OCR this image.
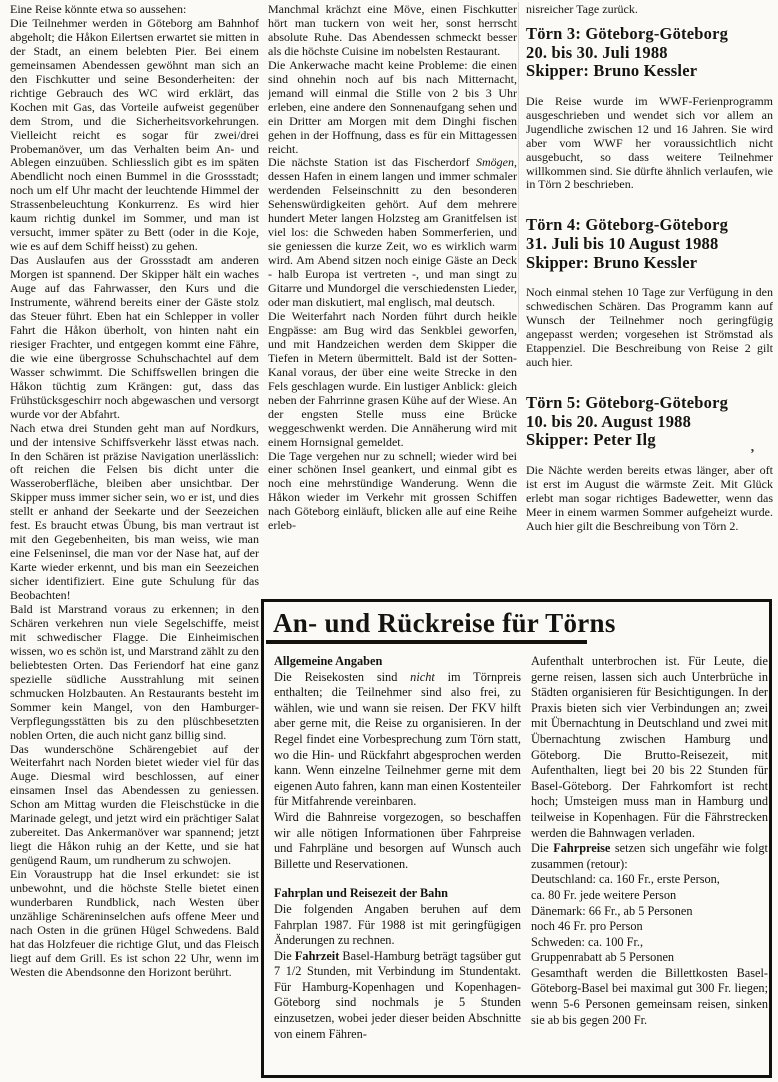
’

Eine Reise könnte etwa so aussehen:

Die Teilnehmer werden in Göteborg am Bahnhof abgeholt; die Håkon Eilertsen erwartet sie mitten in der Stadt, an einem belebten Pier. Bei einem gemeinsamen Abendessen gewöhnt man sich an den Fischkutter und seine Besonderheiten: der richtige Gebrauch des WC wird erklärt, das Kochen mit Gas, das Vorteile aufweist gegenüber dem Strom, und die Sicherheitsvorkehrungen. Vielleicht reicht es sogar für zwei/drei Probemanöver, um das Verhalten beim An- und Ablegen einzuüben. Schliesslich gibt es im späten Abendlicht noch einen Bummel in die Grossstadt; noch um elf Uhr macht der leuchtende Himmel der Strassenbeleuchtung Konkurrenz. Es wird hier kaum richtig dunkel im Sommer, und man ist versucht, immer später zu Bett (oder in die Koje, wie es auf dem Schiff heisst) zu gehen.

Das Auslaufen aus der Grossstadt am anderen Morgen ist spannend. Der Skipper hält ein waches Auge auf das Fahrwasser, den Kurs und die Instrumente, während bereits einer der Gäste stolz das Steuer führt. Eben hat ein Schlepper in voller Fahrt die Håkon überholt, von hinten naht ein riesiger Frachter, und entgegen kommt eine Fähre, die wie eine übergrosse Schuhschachtel auf dem Wasser schwimmt. Die Schiffswellen bringen die Håkon tüchtig zum Krängen: gut, dass das Frühstücksgeschirr noch abgewaschen und versorgt wurde vor der Abfahrt.

Nach etwa drei Stunden geht man auf Nordkurs, und der intensive Schiffsverkehr lässt etwas nach. In den Schären ist präzise Navigation unerlässlich: oft reichen die Felsen bis dicht unter die Wasseroberfläche, bleiben aber unsichtbar. Der Skipper muss immer sicher sein, wo er ist, und dies stellt er anhand der Seekarte und der Seezeichen fest. Es braucht etwas Übung, bis man vertraut ist mit den Gegebenheiten, bis man weiss, wie man eine Felseninsel, die man vor der Nase hat, auf der Karte wieder erkennt, und bis man ein Seezeichen sicher identifiziert. Eine gute Schulung für das Beobachten!

Bald ist Marstrand voraus zu erkennen; in den Schären verkehren nun viele Segelschiffe, meist mit schwedischer Flagge. Die Einheimischen wissen, wo es schön ist, und Marstrand zählt zu den beliebtesten Orten. Das Feriendorf hat eine ganz spezielle südliche Ausstrahlung mit seinen schmucken Holzbauten. An Restaurants besteht im Sommer kein Mangel, von den Hamburger-Verpflegungsstätten bis zu den plüschbesetzten noblen Orten, die auch nicht ganz billig sind.

Das wunderschöne Schärengebiet auf der Weiterfahrt nach Norden bietet wieder viel für das Auge. Diesmal wird beschlossen, auf einer einsamen Insel das Abendessen zu geniessen. Schon am Mittag wurden die Fleischstücke in die Marinade gelegt, und jetzt wird ein prächtiger Salat zubereitet. Das Ankermanöver war spannend; jetzt liegt die Håkon ruhig an der Kette, und sie hat genügend Raum, um rundherum zu schwojen.

Ein Voraustrupp hat die Insel erkundet: sie ist unbewohnt, und die höchste Stelle bietet einen wunderbaren Rundblick, nach Westen über unzählige Schäreninselchen aufs offene Meer und nach Osten in die grünen Hügel Schwedens. Bald hat das Holzfeuer die richtige Glut, und das Fleisch liegt auf dem Grill. Es ist schon 22 Uhr, wenn im Westen die Abendsonne den Horizont berührt.

Manchmal krächzt eine Möve, einen Fischkutter hört man tuckern von weit her, sonst herrscht absolute Ruhe. Das Abendessen schmeckt besser als die höchste Cuisine im nobelsten Restaurant.

Die Ankerwache macht keine Probleme: die einen sind ohnehin noch auf bis nach Mitternacht, jemand will einmal die Stille von 2 bis 3 Uhr erleben, eine andere den Sonnenaufgang sehen und ein Dritter am Morgen mit dem Dinghi fischen gehen in der Hoffnung, dass es für ein Mittagessen reicht.

Die nächste Station ist das Fischerdorf Smögen, dessen Hafen in einem langen und immer schmaler werdenden Felseinschnitt zu den besonderen Sehenswürdigkeiten gehört. Auf dem mehrere hundert Meter langen Holzsteg am Granitfelsen ist viel los: die Schweden haben Sommerferien, und sie geniessen die kurze Zeit, wo es wirklich warm wird. Am Abend sitzen noch einige Gäste an Deck - halb Europa ist vertreten -, und man singt zu Gitarre und Mundorgel die verschiedensten Lieder, oder man diskutiert, mal englisch, mal deutsch.

Die Weiterfahrt nach Norden führt durch heikle Engpässe: am Bug wird das Senkblei geworfen, und mit Handzeichen werden dem Skipper die Tiefen in Metern übermittelt. Bald ist der Sotten-Kanal voraus, der über eine weite Strecke in den Fels geschlagen wurde. Ein lustiger Anblick: gleich neben der Fahrrinne grasen Kühe auf der Wiese. An der engsten Stelle muss eine Brücke weggeschwenkt werden. Die Annäherung wird mit einem Hornsignal gemeldet.

Die Tage vergehen nur zu schnell; wieder wird bei einer schönen Insel geankert, und einmal gibt es noch eine mehrstündige Wanderung. Wenn die Håkon wieder im Verkehr mit grossen Schiffen nach Göteborg einläuft, blicken alle auf eine Reihe erleb-

nisreicher Tage zurück.

Törn 3: Göteborg-Göteborg
20. bis 30. Juli 1988
Skipper: Bruno Kessler

Die Reise wurde im WWF-Ferienprogramm ausgeschrieben und wendet sich vor allem an Jugendliche zwischen 12 und 16 Jahren. Sie wird aber vom WWF her voraussichtlich nicht ausgebucht, so dass weitere Teilnehmer willkommen sind. Sie dürfte ähnlich verlaufen, wie in Törn 2 beschrieben.

Törn 4: Göteborg-Göteborg
31. Juli bis 10 August 1988
Skipper: Bruno Kessler

Noch einmal stehen 10 Tage zur Verfügung in den schwedischen Schären. Das Programm kann auf Wunsch der Teilnehmer noch geringfügig angepasst werden; vorgesehen ist Strömstad als Etappenziel. Die Beschreibung von Reise 2 gilt auch hier.

Törn 5: Göteborg-Göteborg
10. bis 20. August 1988
Skipper: Peter Ilg

Die Nächte werden bereits etwas länger, aber oft ist erst im August die wärmste Zeit. Mit Glück erlebt man sogar richtiges Badewetter, wenn das Meer in einem warmen Sommer aufgeheizt wurde. Auch hier gilt die Beschreibung von Törn 2.

An- und Rückreise für Törns
Allgemeine Angaben

Die Reisekosten sind nicht im Törnpreis enthalten; die Teilnehmer sind also frei, zu wählen, wie und wann sie reisen. Der FKV hilft aber gerne mit, die Reise zu organisieren. In der Regel findet eine Vorbesprechung zum Törn statt, wo die Hin- und Rückfahrt abgesprochen werden kann. Wenn einzelne Teilnehmer gerne mit dem eigenen Auto fahren, kann man einen Kostenteiler für Mitfahrende vereinbaren.

Wird die Bahnreise vorgezogen, so beschaffen wir alle nötigen Informationen über Fahrpreise und Fahrpläne und besorgen auf Wunsch auch Billette und Reservationen.

Fahrplan und Reisezeit der Bahn

Die folgenden Angaben beruhen auf dem Fahrplan 1987. Für 1988 ist mit geringfügigen Änderungen zu rechnen.

Die Fahrzeit Basel-Hamburg beträgt tagsüber gut 7 1/2 Stunden, mit Verbindung im Stundentakt. Für Hamburg-Kopenhagen und Kopenhagen-Göteborg sind nochmals je 5 Stunden einzusetzen, wobei jeder dieser beiden Abschnitte von einem Fähren-

Aufenthalt unterbrochen ist. Für Leute, die gerne reisen, lassen sich auch Unterbrüche in Städten organisieren für Besichtigungen. In der Praxis bieten sich vier Verbindungen an; zwei mit Übernachtung in Deutschland und zwei mit Übernachtung zwischen Hamburg und Göteborg. Die Brutto-Reisezeit, mit Aufenthalten, liegt bei 20 bis 22 Stunden für Basel-Göteborg. Der Fahrkomfort ist recht hoch; Umsteigen muss man in Hamburg und teilweise in Kopenhagen. Für die Fährstrecken werden die Bahnwagen verladen.

Die Fahrpreise setzen sich ungefähr wie folgt zusammen (retour):

Deutschland: ca. 160 Fr., erste Person,
ca. 80 Fr. jede weitere Person
Dänemark: 66 Fr., ab 5 Personen
noch 46 Fr. pro Person
Schweden: ca. 100 Fr.,
Gruppenrabatt ab 5 Personen

Gesamthaft werden die Billettkosten Basel-Göteborg-Basel bei maximal gut 300 Fr. liegen; wenn 5-6 Personen gemeinsam reisen, sinken sie ab bis gegen 200 Fr.
